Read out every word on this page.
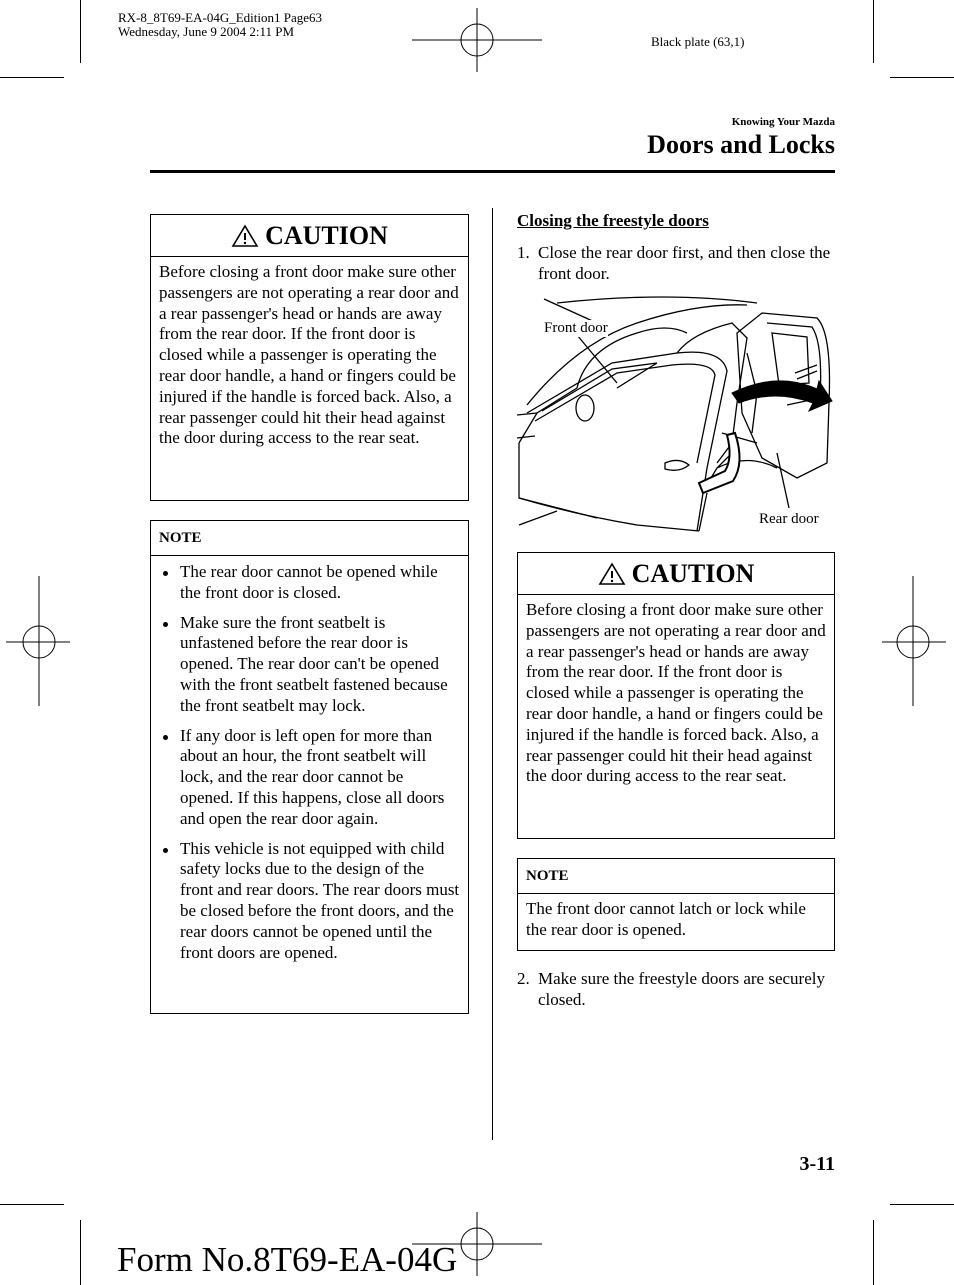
RX-8_8T69-EA-04G_Edition1 Page63
Wednesday, June 9 2004 2:11 PM
Black plate (63,1)
Knowing Your Mazda
Doors and Locks
CAUTION
Before closing a front door make sure other passengers are not operating a rear door and a rear passenger's head or hands are away from the rear door. If the front door is closed while a passenger is operating the rear door handle, a hand or fingers could be injured if the handle is forced back. Also, a rear passenger could hit their head against the door during access to the rear seat.
NOTE
The rear door cannot be opened while the front door is closed.
Make sure the front seatbelt is unfastened before the rear door is opened. The rear door can't be opened with the front seatbelt fastened because the front seatbelt may lock.
If any door is left open for more than about an hour, the front seatbelt will lock, and the rear door cannot be opened. If this happens, close all doors and open the rear door again.
This vehicle is not equipped with child safety locks due to the design of the front and rear doors. The rear doors must be closed before the front doors, and the rear doors cannot be opened until the front doors are opened.
Closing the freestyle doors
1. Close the rear door first, and then close the front door.
Front door
Rear door
CAUTION
Before closing a front door make sure other passengers are not operating a rear door and a rear passenger's head or hands are away from the rear door. If the front door is closed while a passenger is operating the rear door handle, a hand or fingers could be injured if the handle is forced back. Also, a rear passenger could hit their head against the door during access to the rear seat.
NOTE
The front door cannot latch or lock while the rear door is opened.
2. Make sure the freestyle doors are securely closed.
3-11
Form No.8T69-EA-04G
